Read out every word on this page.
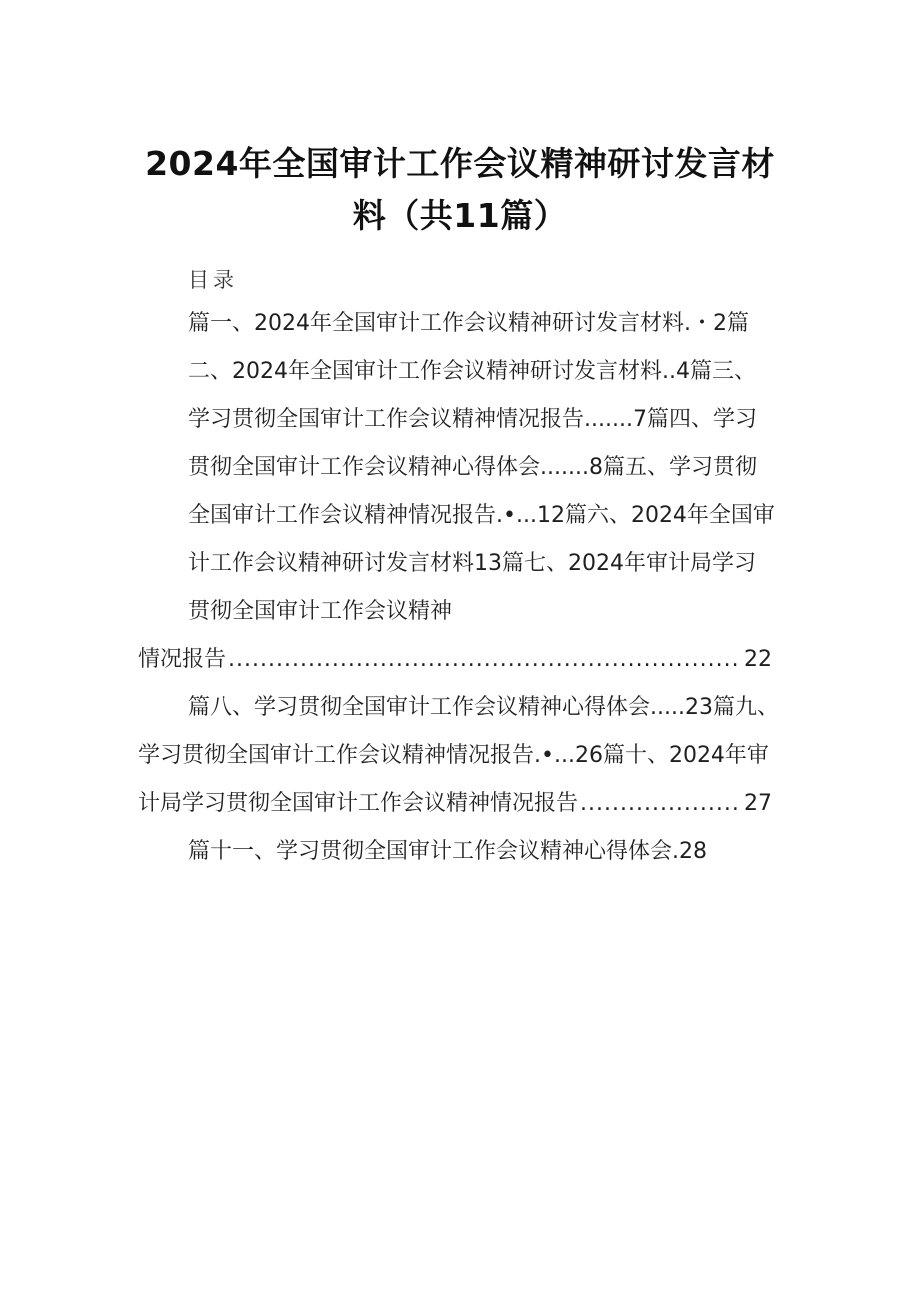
2024年全国审计工作会议精神研讨发言材
料（共11篇）
目录
篇一、2024年全国审计工作会议精神研讨发言材料.・2篇
二、2024年全国审计工作会议精神研讨发言材料..4篇三、
学习贯彻全国审计工作会议精神情况报告.......7篇四、学习
贯彻全国审计工作会议精神心得体会.......8篇五、学习贯彻
全国审计工作会议精神情况报告.•...12篇六、2024年全国审
计工作会议精神研讨发言材料13篇七、2024年审计局学习
贯彻全国审计工作会议精神
情况报告 .....	22
篇八、学习贯彻全国审计工作会议精神心得体会.....23篇九、
学习贯彻全国审计工作会议精神情况报告.•...26篇十、2024年审
计局学习贯彻全国审计工作会议精神情况报告 .....	27
篇十一、学习贯彻全国审计工作会议精神心得体会.28
